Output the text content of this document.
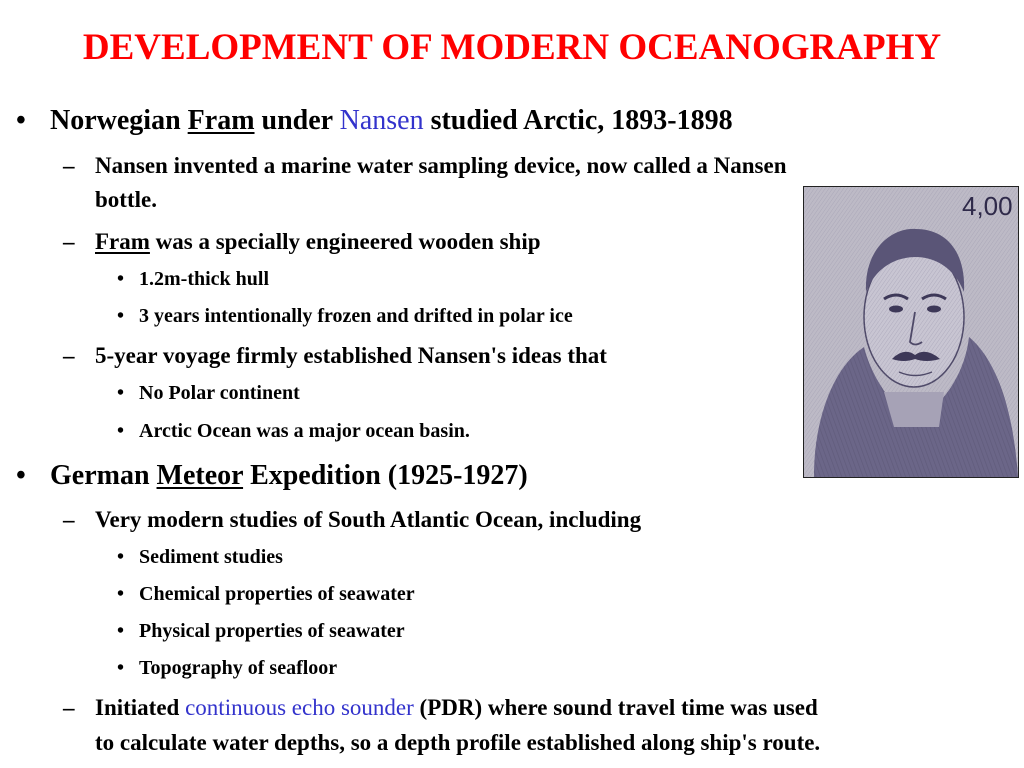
DEVELOPMENT OF MODERN OCEANOGRAPHY
• Norwegian Fram under Nansen studied Arctic, 1893-1898
– Nansen invented a marine water sampling device, now called a Nansen
bottle.
– Fram was a specially engineered wooden ship
• 1.2m-thick hull
• 3 years intentionally frozen and drifted in polar ice
– 5-year voyage firmly established Nansen's ideas that
• No Polar continent
• Arctic Ocean was a major ocean basin.
• German Meteor Expedition (1925-1927)
– Very modern studies of South Atlantic Ocean, including
• Sediment studies
• Chemical properties of seawater
• Physical properties of seawater
• Topography of seafloor
– Initiated continuous echo sounder (PDR) where sound travel time was used
to calculate water depths, so a depth profile established along ship's route.
4,00
